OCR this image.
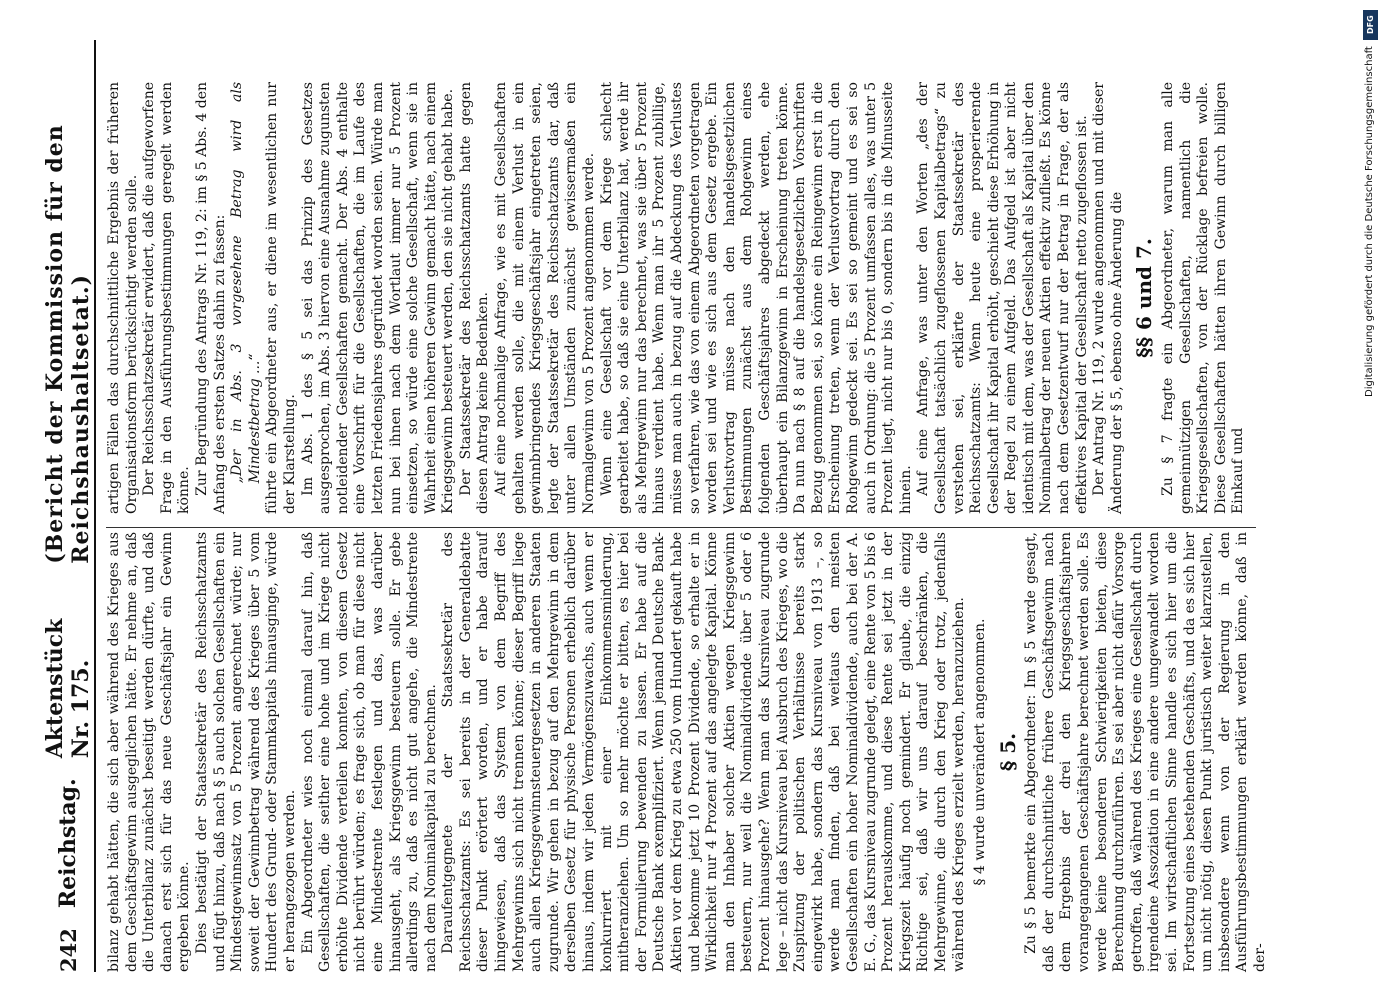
242
Reichstag.
Aktenstück Nr. 175.
(Bericht der Kommission für den Reichshaushaltsetat.)

bilanz gehabt hätten, die sich aber während des Krieges aus dem Geschäftsgewinn ausgeglichen hätte. Er nehme an, daß die Unterbilanz zunächst beseitigt werden dürfte, und daß danach erst sich für das neue Geschäftsjahr ein Gewinn ergeben könne. Dies bestätigt der Staatssekretär des Reichsschatzamts und fügt hinzu, daß nach § 5 auch solchen Gesellschaften ein Mindestgewinnsatz von 5 Prozent angerechnet würde; nur soweit der Gewinnbetrag während des Krieges über 5 vom Hundert des Grund- oder Stammkapitals hinausginge, würde er herangezogen werden. Ein Abgeordneter wies noch einmal darauf hin, daß Gesellschaften, die seither eine hohe und im Kriege nicht erhöhte Dividende verteilen konnten, von diesem Gesetz nicht berührt würden; es frage sich, ob man für diese nicht eine Mindestrente festlegen und das, was darüber hinausgeht, als Kriegsgewinn besteuern solle. Er gebe allerdings zu, daß es nicht gut angehe, die Mindestrente nach dem Nominalkapital zu berechnen. Daraufentgegnete der Staatssekretär des Reichsschatzamts: Es sei bereits in der Generaldebatte dieser Punkt erörtert worden, und er habe darauf hingewiesen, daß das System von dem Begriff des Mehrgewinns sich nicht trennen könne; dieser Begriff liege auch allen Kriegsgewinnsteuergesetzen in anderen Staaten zugrunde. Wir gehen in bezug auf den Mehrgewinn in dem derselben Gesetz für physische Personen erheblich darüber hinaus, indem wir jeden Vermögenszuwachs, auch wenn er konkurriert mit einer Einkommensminderung, mitheranziehen. Um so mehr möchte er bitten, es hier bei der Formulierung bewenden zu lassen. Er habe auf die Deutsche Bank exemplifiziert. Wenn jemand Deutsche Bank-Aktien vor dem Krieg zu etwa 250 vom Hundert gekauft habe und bekomme jetzt 10 Prozent Dividende, so erhalte er in Wirklichkeit nur 4 Prozent auf das angelegte Kapital. Könne man den Inhaber solcher Aktien wegen Kriegsgewinn besteuern, nur weil die Nominaldividende über 5 oder 6 Prozent hinausgehe? Wenn man das Kursniveau zugrunde lege – nicht das Kursniveau bei Ausbruch des Krieges, wo die Zuspitzung der politischen Verhältnisse bereits stark eingewirkt habe, sondern das Kursniveau von 1913 –, so werde man finden, daß bei weitaus den meisten Gesellschaften ein hoher Nominaldividende, auch bei der A. E. G., das Kursniveau zugrunde gelegt, eine Rente von 5 bis 6 Prozent herauskomme, und diese Rente sei jetzt in der Kriegszeit häufig noch gemindert. Er glaube, die einzig Richtige sei, daß wir uns darauf beschränken, die Mehrgewinne, die durch den Krieg oder trotz, jedenfalls während des Krieges erzielt werden, heranzuziehen. § 4 wurde unverändert angenommen. § 5. Zu § 5 bemerkte ein Abgeordneter: Im § 5 werde gesagt, daß der durchschnittliche frühere Geschäftsgewinn nach dem Ergebnis der drei den Kriegsgeschäftsjahren vorangegangenen Geschäftsjahre berechnet werden solle. Es werde keine besonderen Schwierigkeiten bieten, diese Berechnung durchzuführen. Es sei aber nicht dafür Vorsorge getroffen, daß während des Krieges eine Gesellschaft durch irgendeine Assoziation in eine andere umgewandelt worden sei. Im wirtschaftlichen Sinne handle es sich hier um die Fortsetzung eines bestehenden Geschäfts, und da es sich hier um nicht nötig, diesen Punkt juristisch weiter klarzustellen, insbesondere wenn von der Regierung in den Ausführungsbestimmungen erklärt werden könne, daß in der-

artigen Fällen das durchschnittliche Ergebnis der früheren Organisationsform berücksichtigt werden solle. Der Reichsschatzsekretär erwidert, daß die aufgeworfene Frage in den Ausführungsbestimmungen geregelt werden könne. Zur Begründung des Antrags Nr. 119, 2: im § 5 Abs. 4 den Anfang des ersten Satzes dahin zu fassen: „Der in Abs. 3 vorgesehene Betrag wird als Mindestbetrag ...“ führte ein Abgeordneter aus, er diene im wesentlichen nur der Klarstellung. Im Abs. 1 des § 5 sei das Prinzip des Gesetzes ausgesprochen, im Abs. 3 hiervon eine Ausnahme zugunsten notleidender Gesellschaften gemacht. Der Abs. 4 enthalte eine Vorschrift für die Gesellschaften, die im Laufe des letzten Friedensjahres gegründet worden seien. Würde man nun bei ihnen nach dem Wortlaut immer nur 5 Prozent einsetzen, so würde eine solche Gesellschaft, wenn sie in Wahrheit einen höheren Gewinn gemacht hätte, nach einem Kriegsgewinn besteuert werden, den sie nicht gehabt habe. Der Staatssekretär des Reichsschatzamts hatte gegen diesen Antrag keine Bedenken. Auf eine nochmalige Anfrage, wie es mit Gesellschaften gehalten werden solle, die mit einem Verlust in ein gewinnbringendes Kriegsgeschäftsjahr eingetreten seien, legte der Staatssekretär des Reichsschatzamts dar, daß unter allen Umständen zunächst gewissermaßen ein Normalgewinn von 5 Prozent angenommen werde. Wenn eine Gesellschaft vor dem Kriege schlecht gearbeitet habe, so daß sie eine Unterbilanz hat, werde ihr als Mehrgewinn nur das berechnet, was sie über 5 Prozent hinaus verdient habe. Wenn man ihr 5 Prozent zubillige, müsse man auch in bezug auf die Abdeckung des Verlustes so verfahren, wie das von einem Abgeordneten vorgetragen worden sei und wie es sich aus dem Gesetz ergebe. Ein Verlustvortrag müsse nach den handelsgesetzlichen Bestimmungen zunächst aus dem Rohgewinn eines folgenden Geschäftsjahres abgedeckt werden, ehe überhaupt ein Bilanzgewinn in Erscheinung treten könne. Da nun nach § 8 auf die handelsgesetzlichen Vorschriften Bezug genommen sei, so könne ein Reingewinn erst in die Erscheinung treten, wenn der Verlustvortrag durch den Rohgewinn gedeckt sei. Es sei so gemeint und es sei so auch in Ordnung: die 5 Prozent umfassen alles, was unter 5 Prozent liegt, nicht nur bis 0, sondern bis in die Minusseite hinein. Auf eine Anfrage, was unter den Worten „des der Gesellschaft tatsächlich zugeflossenen Kapitalbetrags“ zu verstehen sei, erklärte der Staatssekretär des Reichsschatzamts: Wenn heute eine prosperierende Gesellschaft ihr Kapital erhöht, geschieht diese Erhöhung in der Regel zu einem Aufgeld. Das Aufgeld ist aber nicht identisch mit dem, was der Gesellschaft als Kapital über den Nominalbetrag der neuen Aktien effektiv zufließt. Es könne nach dem Gesetzentwurf nur der Betrag in Frage, der als effektives Kapital der Gesellschaft netto zugeflossen ist. Der Antrag Nr. 119, 2 wurde angenommen und mit dieser Änderung der § 5, ebenso ohne Änderung die §§ 6 und 7. Zu § 7 fragte ein Abgeordneter, warum man alle gemeinnützigen Gesellschaften, namentlich die Kriegsgesellschaften, von der Rücklage befreien wolle. Diese Gesellschaften hätten ihren Gewinn durch billigen Einkauf und

DFG
Digitalisierung gefördert durch die Deutsche Forschungsgemeinschaft
